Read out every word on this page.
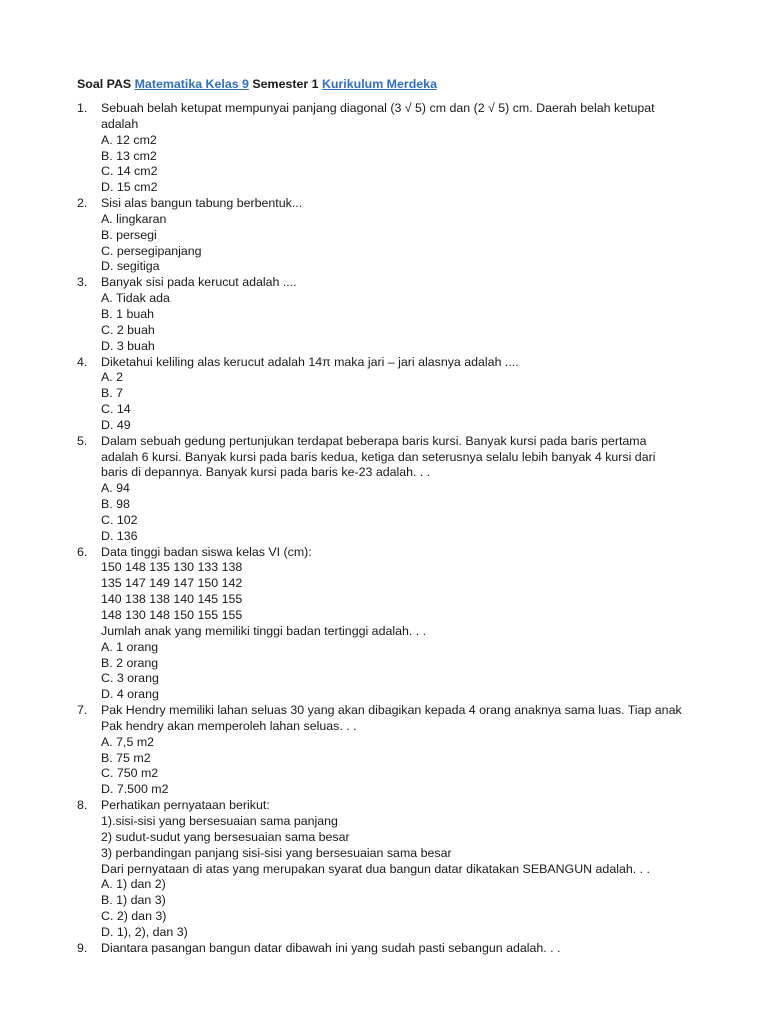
Soal PAS Matematika Kelas 9 Semester 1 Kurikulum Merdeka
1. Sebuah belah ketupat mempunyai panjang diagonal (3 √ 5) cm dan (2 √ 5) cm. Daerah belah ketupat
adalah
A. 12 cm2
B. 13 cm2
C. 14 cm2
D. 15 cm2
2. Sisi alas bangun tabung berbentuk...
A. lingkaran
B. persegi
C. persegipanjang
D. segitiga
3. Banyak sisi pada kerucut adalah ....
A. Tidak ada
B. 1 buah
C. 2 buah
D. 3 buah
4. Diketahui keliling alas kerucut adalah 14π maka jari – jari alasnya adalah ....
A. 2
B. 7
C. 14
D. 49
5. Dalam sebuah gedung pertunjukan terdapat beberapa baris kursi. Banyak kursi pada baris pertama
adalah 6 kursi. Banyak kursi pada baris kedua, ketiga dan seterusnya selalu lebih banyak 4 kursi dari
baris di depannya. Banyak kursi pada baris ke-23 adalah. . .
A. 94
B. 98
C. 102
D. 136
6. Data tinggi badan siswa kelas VI (cm):
150 148 135 130 133 138
135 147 149 147 150 142
140 138 138 140 145 155
148 130 148 150 155 155
Jumlah anak yang memiliki tinggi badan tertinggi adalah. . .
A. 1 orang
B. 2 orang
C. 3 orang
D. 4 orang
7. Pak Hendry memiliki lahan seluas 30 yang akan dibagikan kepada 4 orang anaknya sama luas. Tiap anak
Pak hendry akan memperoleh lahan seluas. . .
A. 7,5 m2
B. 75 m2
C. 750 m2
D. 7.500 m2
8. Perhatikan pernyataan berikut:
1).sisi-sisi yang bersesuaian sama panjang
2) sudut-sudut yang bersesuaian sama besar
3) perbandingan panjang sisi-sisi yang bersesuaian sama besar
Dari pernyataan di atas yang merupakan syarat dua bangun datar dikatakan SEBANGUN adalah. . .
A. 1) dan 2)
B. 1) dan 3)
C. 2) dan 3)
D. 1), 2), dan 3)
9. Diantara pasangan bangun datar dibawah ini yang sudah pasti sebangun adalah. . .
